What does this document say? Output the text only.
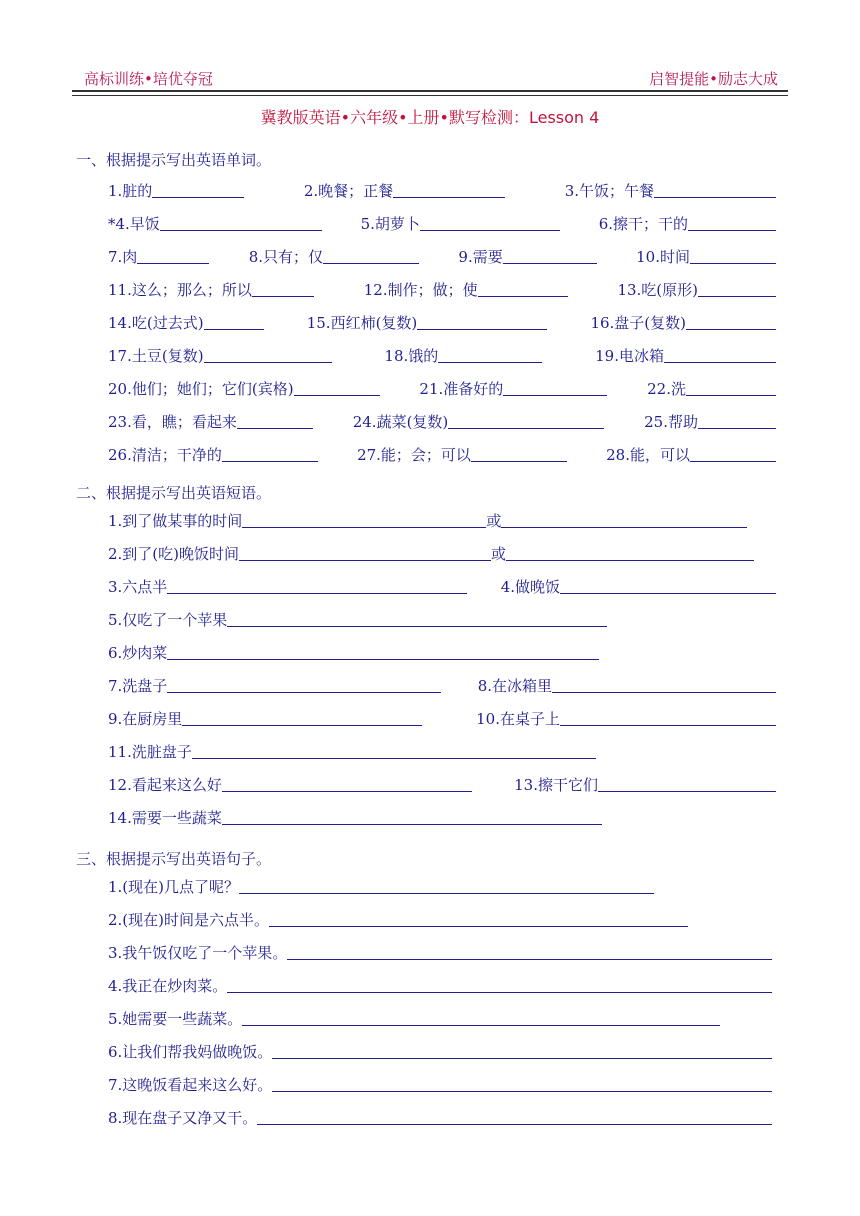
高标训练•培优夺冠	启智提能•励志大成
冀教版英语•六年级•上册•默写检测：Lesson 4
一、根据提示写出英语单词。
1.脏的	2.晚餐；正餐	3.午饭；午餐
*4.早饭	5.胡萝卜	6.擦干；干的
7.肉	8.只有；仅	9.需要	10.时间
11.这么；那么；所以	12.制作；做；使	13.吃(原形)
14.吃(过去式)	15.西红柿(复数)	16.盘子(复数)
17.土豆(复数)	18.饿的	19.电冰箱
20.他们；她们；它们(宾格)	21.准备好的	22.洗
23.看，瞧；看起来	24.蔬菜(复数)	25.帮助
26.清洁；干净的	27.能；会；可以	28.能，可以
二、根据提示写出英语短语。
1.到了做某事的时间	或
2.到了(吃)晚饭时间	或
3.六点半	4.做晚饭
5.仅吃了一个苹果
6.炒肉菜
7.洗盘子	8.在冰箱里
9.在厨房里	10.在桌子上
11.洗脏盘子
12.看起来这么好	13.擦干它们
14.需要一些蔬菜
三、根据提示写出英语句子。
1.(现在)几点了呢？
2.(现在)时间是六点半。
3.我午饭仅吃了一个苹果。
4.我正在炒肉菜。
5.她需要一些蔬菜。
6.让我们帮我妈做晚饭。
7.这晚饭看起来这么好。
8.现在盘子又净又干。
